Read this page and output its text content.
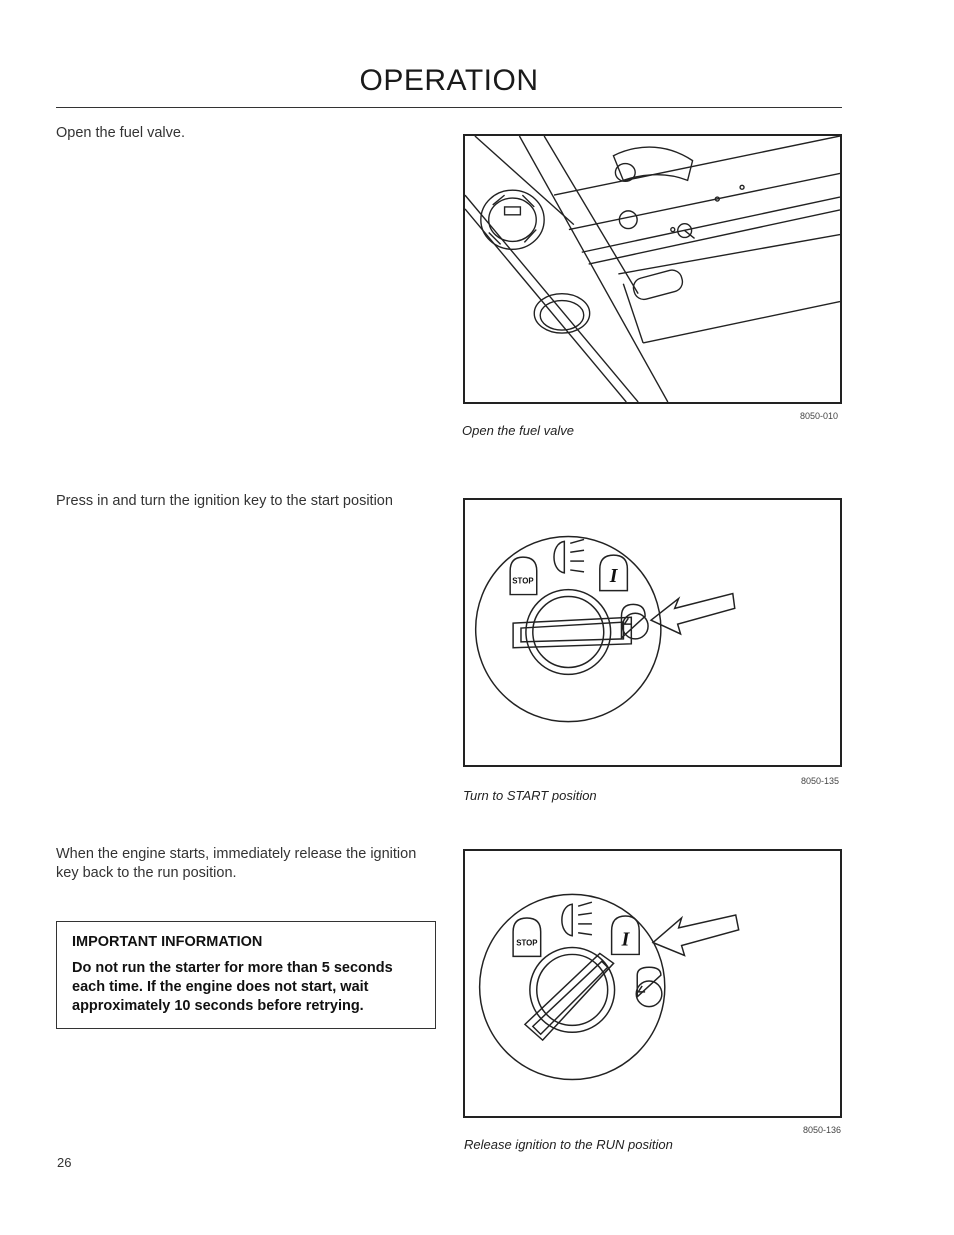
OPERATION
Open the fuel valve.
8050-010
Open the fuel valve
Press in and turn the ignition key to the start position
STOP	I
8050-135
Turn to START position
When the engine starts, immediately release the ignition key back to the run position.
STOP	I
8050-136
Release ignition to the RUN position
IMPORTANT INFORMATION
Do not run the starter for more than 5 seconds each time. If the engine does not start, wait approximately 10 seconds before retrying.
26
